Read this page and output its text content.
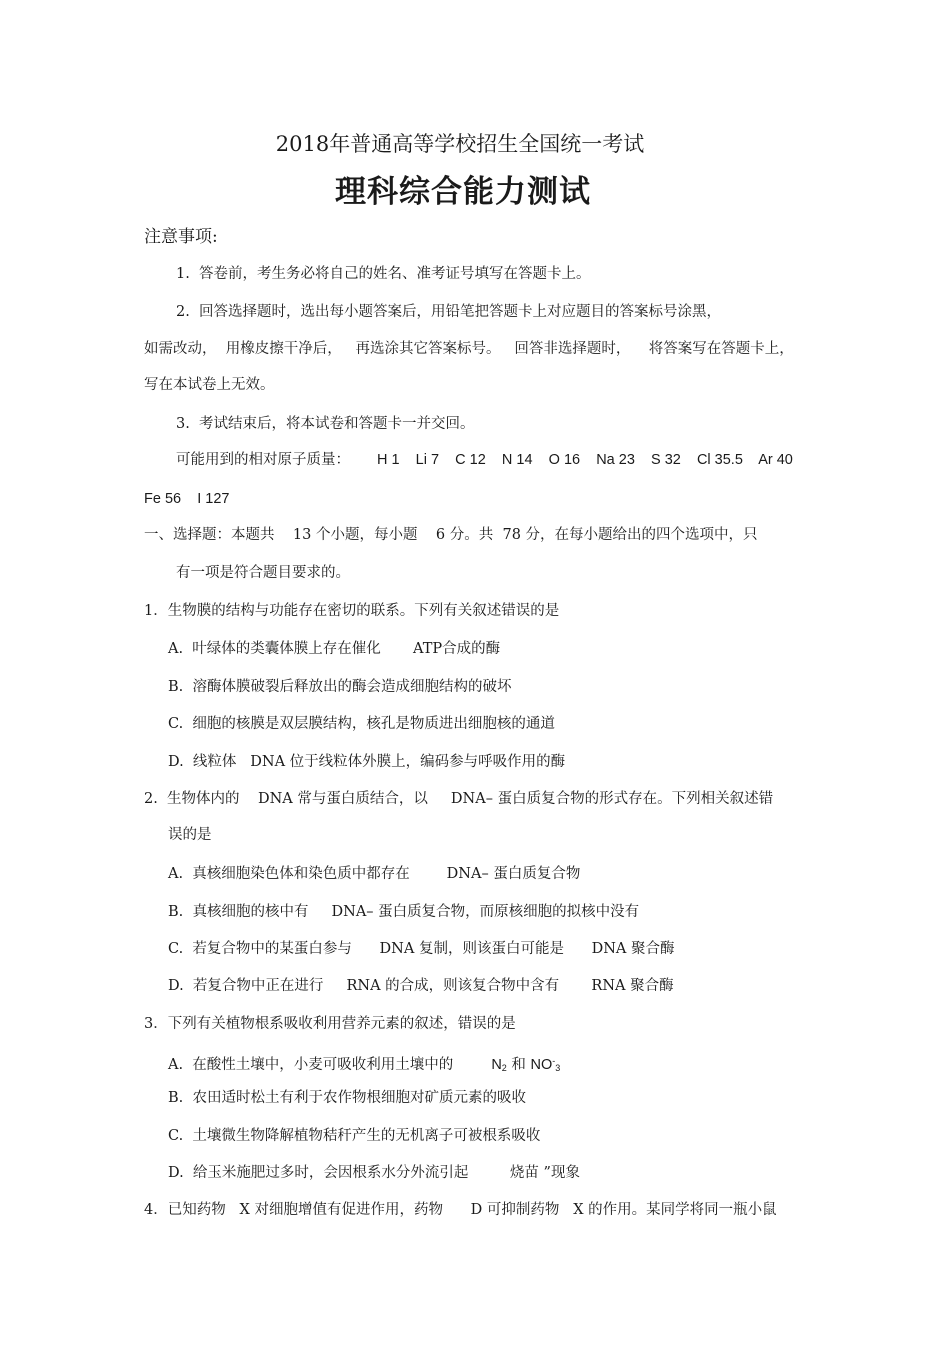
2018年普通高等学校招生全国统一考试
理科综合能力测试
注意事项:
1.  答卷前，考生务必将自己的姓名、准考证号填写在答题卡上。
2.  回答选择题时，选出每小题答案后，用铅笔把答题卡上对应题目的答案标号涂黑，
如需改动，  用橡皮擦干净后，   再选涂其它答案标号。   回答非选择题时，    将答案写在答题卡上，
写在本试卷上无效。
3.  考试结束后，将本试卷和答题卡一并交回。
可能用到的相对原子质量： H 1    Li 7    C 12    N 14    O 16    Na 23    S 32    Cl 35.5    Ar 40
Fe 56    I 127
一、选择题：本题共    13 个小题，每小题    6 分。共  78 分，在每小题给出的四个选项中，只
有一项是符合题目要求的。
1．生物膜的结构与功能存在密切的联系。下列有关叙述错误的是
A.  叶绿体的类囊体膜上存在催化       ATP合成的酶
B.  溶酶体膜破裂后释放出的酶会造成细胞结构的破坏
C.  细胞的核膜是双层膜结构，核孔是物质进出细胞核的通道
D.  线粒体   DNA 位于线粒体外膜上，编码参与呼吸作用的酶
2.  生物体内的    DNA 常与蛋白质结合，以     DNA– 蛋白质复合物的形式存在。下列相关叙述错
误的是
A.  真核细胞染色体和染色质中都存在        DNA– 蛋白质复合物
B.  真核细胞的核中有     DNA– 蛋白质复合物，而原核细胞的拟核中没有
C.  若复合物中的某蛋白参与      DNA 复制，则该蛋白可能是      DNA 聚合酶
D.  若复合物中正在进行     RNA 的合成，则该复合物中含有       RNA 聚合酶
3．下列有关植物根系吸收利用营养元素的叙述，错误的是
A.  在酸性土壤中，小麦可吸收利用土壤中的	$N_2$ 和 $NO^-_3$
B.  农田适时松土有利于农作物根细胞对矿质元素的吸收
C.  土壤微生物降解植物秸秆产生的无机离子可被根系吸收
D.  给玉米施肥过多时，会因根系水分外流引起         烧苗 ”现象
4．已知药物   X 对细胞增值有促进作用，药物      D 可抑制药物   X 的作用。某同学将同一瓶小鼠
